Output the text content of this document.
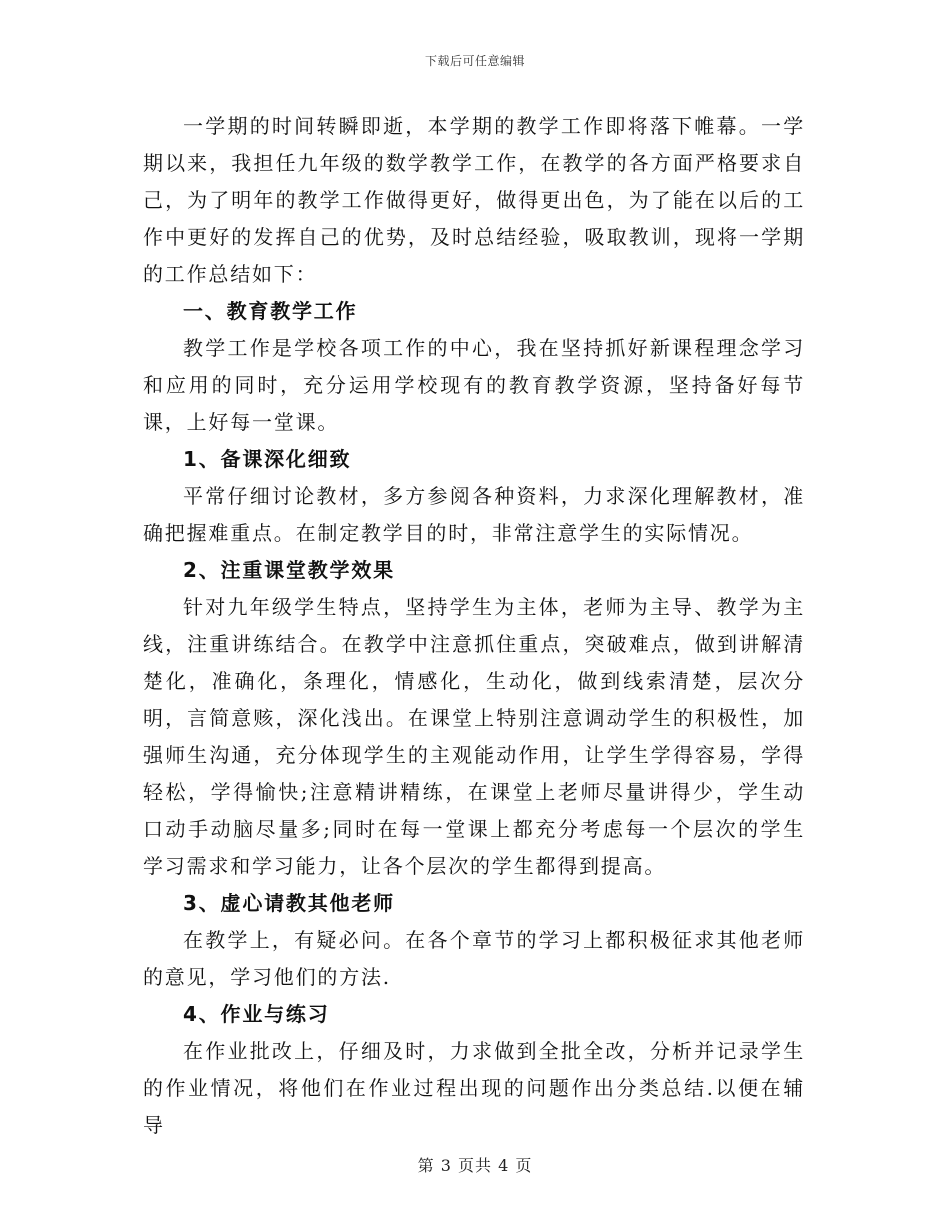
下载后可任意编辑

一学期的时间转瞬即逝，本学期的教学工作即将落下帷幕。一学期以来，我担任九年级的数学教学工作，在教学的各方面严格要求自己，为了明年的教学工作做得更好，做得更出色，为了能在以后的工作中更好的发挥自己的优势，及时总结经验，吸取教训，现将一学期的工作总结如下：

一、教育教学工作

教学工作是学校各项工作的中心，我在坚持抓好新课程理念学习和应用的同时，充分运用学校现有的教育教学资源，坚持备好每节课，上好每一堂课。

1、备课深化细致

平常仔细讨论教材，多方参阅各种资料，力求深化理解教材，准确把握难重点。在制定教学目的时，非常注意学生的实际情况。

2、注重课堂教学效果

针对九年级学生特点，坚持学生为主体，老师为主导、教学为主线，注重讲练结合。在教学中注意抓住重点，突破难点，做到讲解清楚化，准确化，条理化，情感化，生动化，做到线索清楚，层次分明，言简意赅，深化浅出。在课堂上特别注意调动学生的积极性，加强师生沟通，充分体现学生的主观能动作用，让学生学得容易，学得轻松，学得愉快;注意精讲精练，在课堂上老师尽量讲得少，学生动口动手动脑尽量多;同时在每一堂课上都充分考虑每一个层次的学生学习需求和学习能力，让各个层次的学生都得到提高。

3、虚心请教其他老师

在教学上，有疑必问。在各个章节的学习上都积极征求其他老师的意见，学习他们的方法.

4、作业与练习

在作业批改上，仔细及时，力求做到全批全改，分析并记录学生的作业情况，将他们在作业过程出现的问题作出分类总结.以便在辅导

第 3 页共 4 页
